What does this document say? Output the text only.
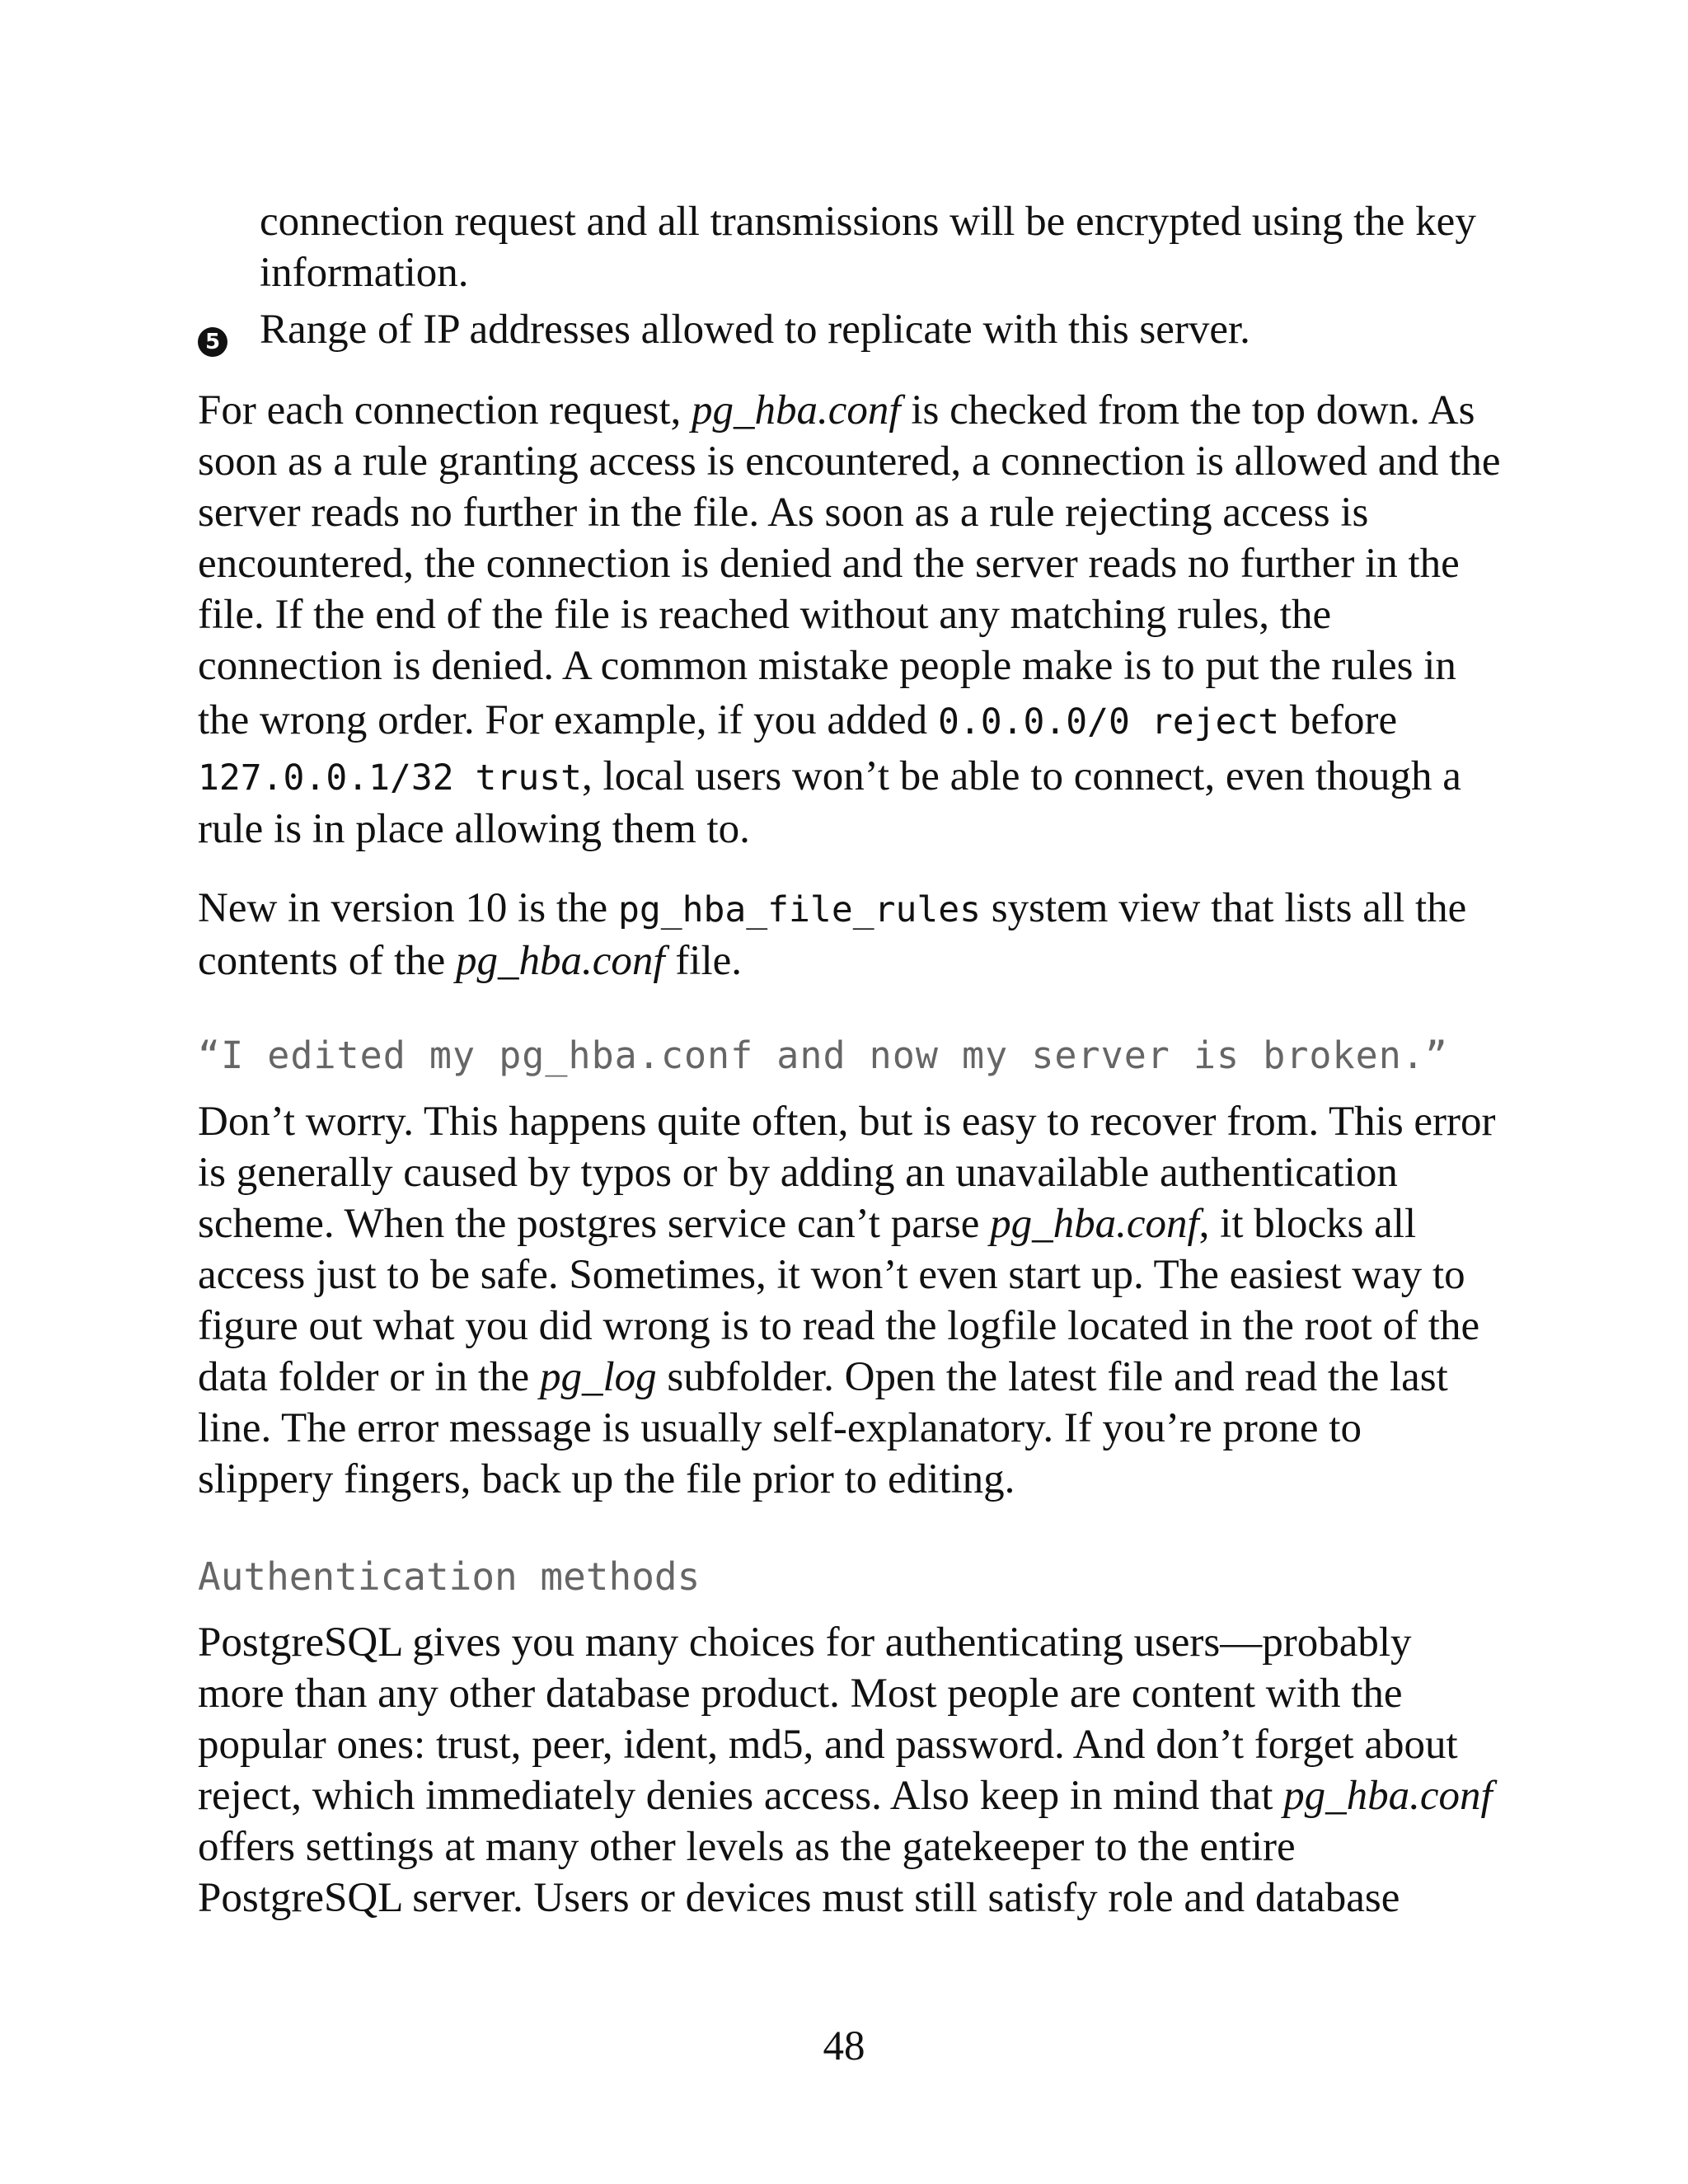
connection request and all transmissions will be encrypted using the key
information.
5 Range of IP addresses allowed to replicate with this server.
For each connection request, pg_hba.conf is checked from the top down. As
soon as a rule granting access is encountered, a connection is allowed and the
server reads no further in the file. As soon as a rule rejecting access is
encountered, the connection is denied and the server reads no further in the
file. If the end of the file is reached without any matching rules, the
connection is denied. A common mistake people make is to put the rules in
the wrong order. For example, if you added 0.0.0.0/0 reject before
127.0.0.1/32 trust, local users won’t be able to connect, even though a
rule is in place allowing them to.
New in version 10 is the pg_hba_file_rules system view that lists all the
contents of the pg_hba.conf file.
“I edited my pg_hba.conf and now my server is broken.”
Don’t worry. This happens quite often, but is easy to recover from. This error
is generally caused by typos or by adding an unavailable authentication
scheme. When the postgres service can’t parse pg_hba.conf, it blocks all
access just to be safe. Sometimes, it won’t even start up. The easiest way to
figure out what you did wrong is to read the logfile located in the root of the
data folder or in the pg_log subfolder. Open the latest file and read the last
line. The error message is usually self-explanatory. If you’re prone to
slippery fingers, back up the file prior to editing.
Authentication methods
PostgreSQL gives you many choices for authenticating users—probably
more than any other database product. Most people are content with the
popular ones: trust, peer, ident, md5, and password. And don’t forget about
reject, which immediately denies access. Also keep in mind that pg_hba.conf
offers settings at many other levels as the gatekeeper to the entire
PostgreSQL server. Users or devices must still satisfy role and database
48
